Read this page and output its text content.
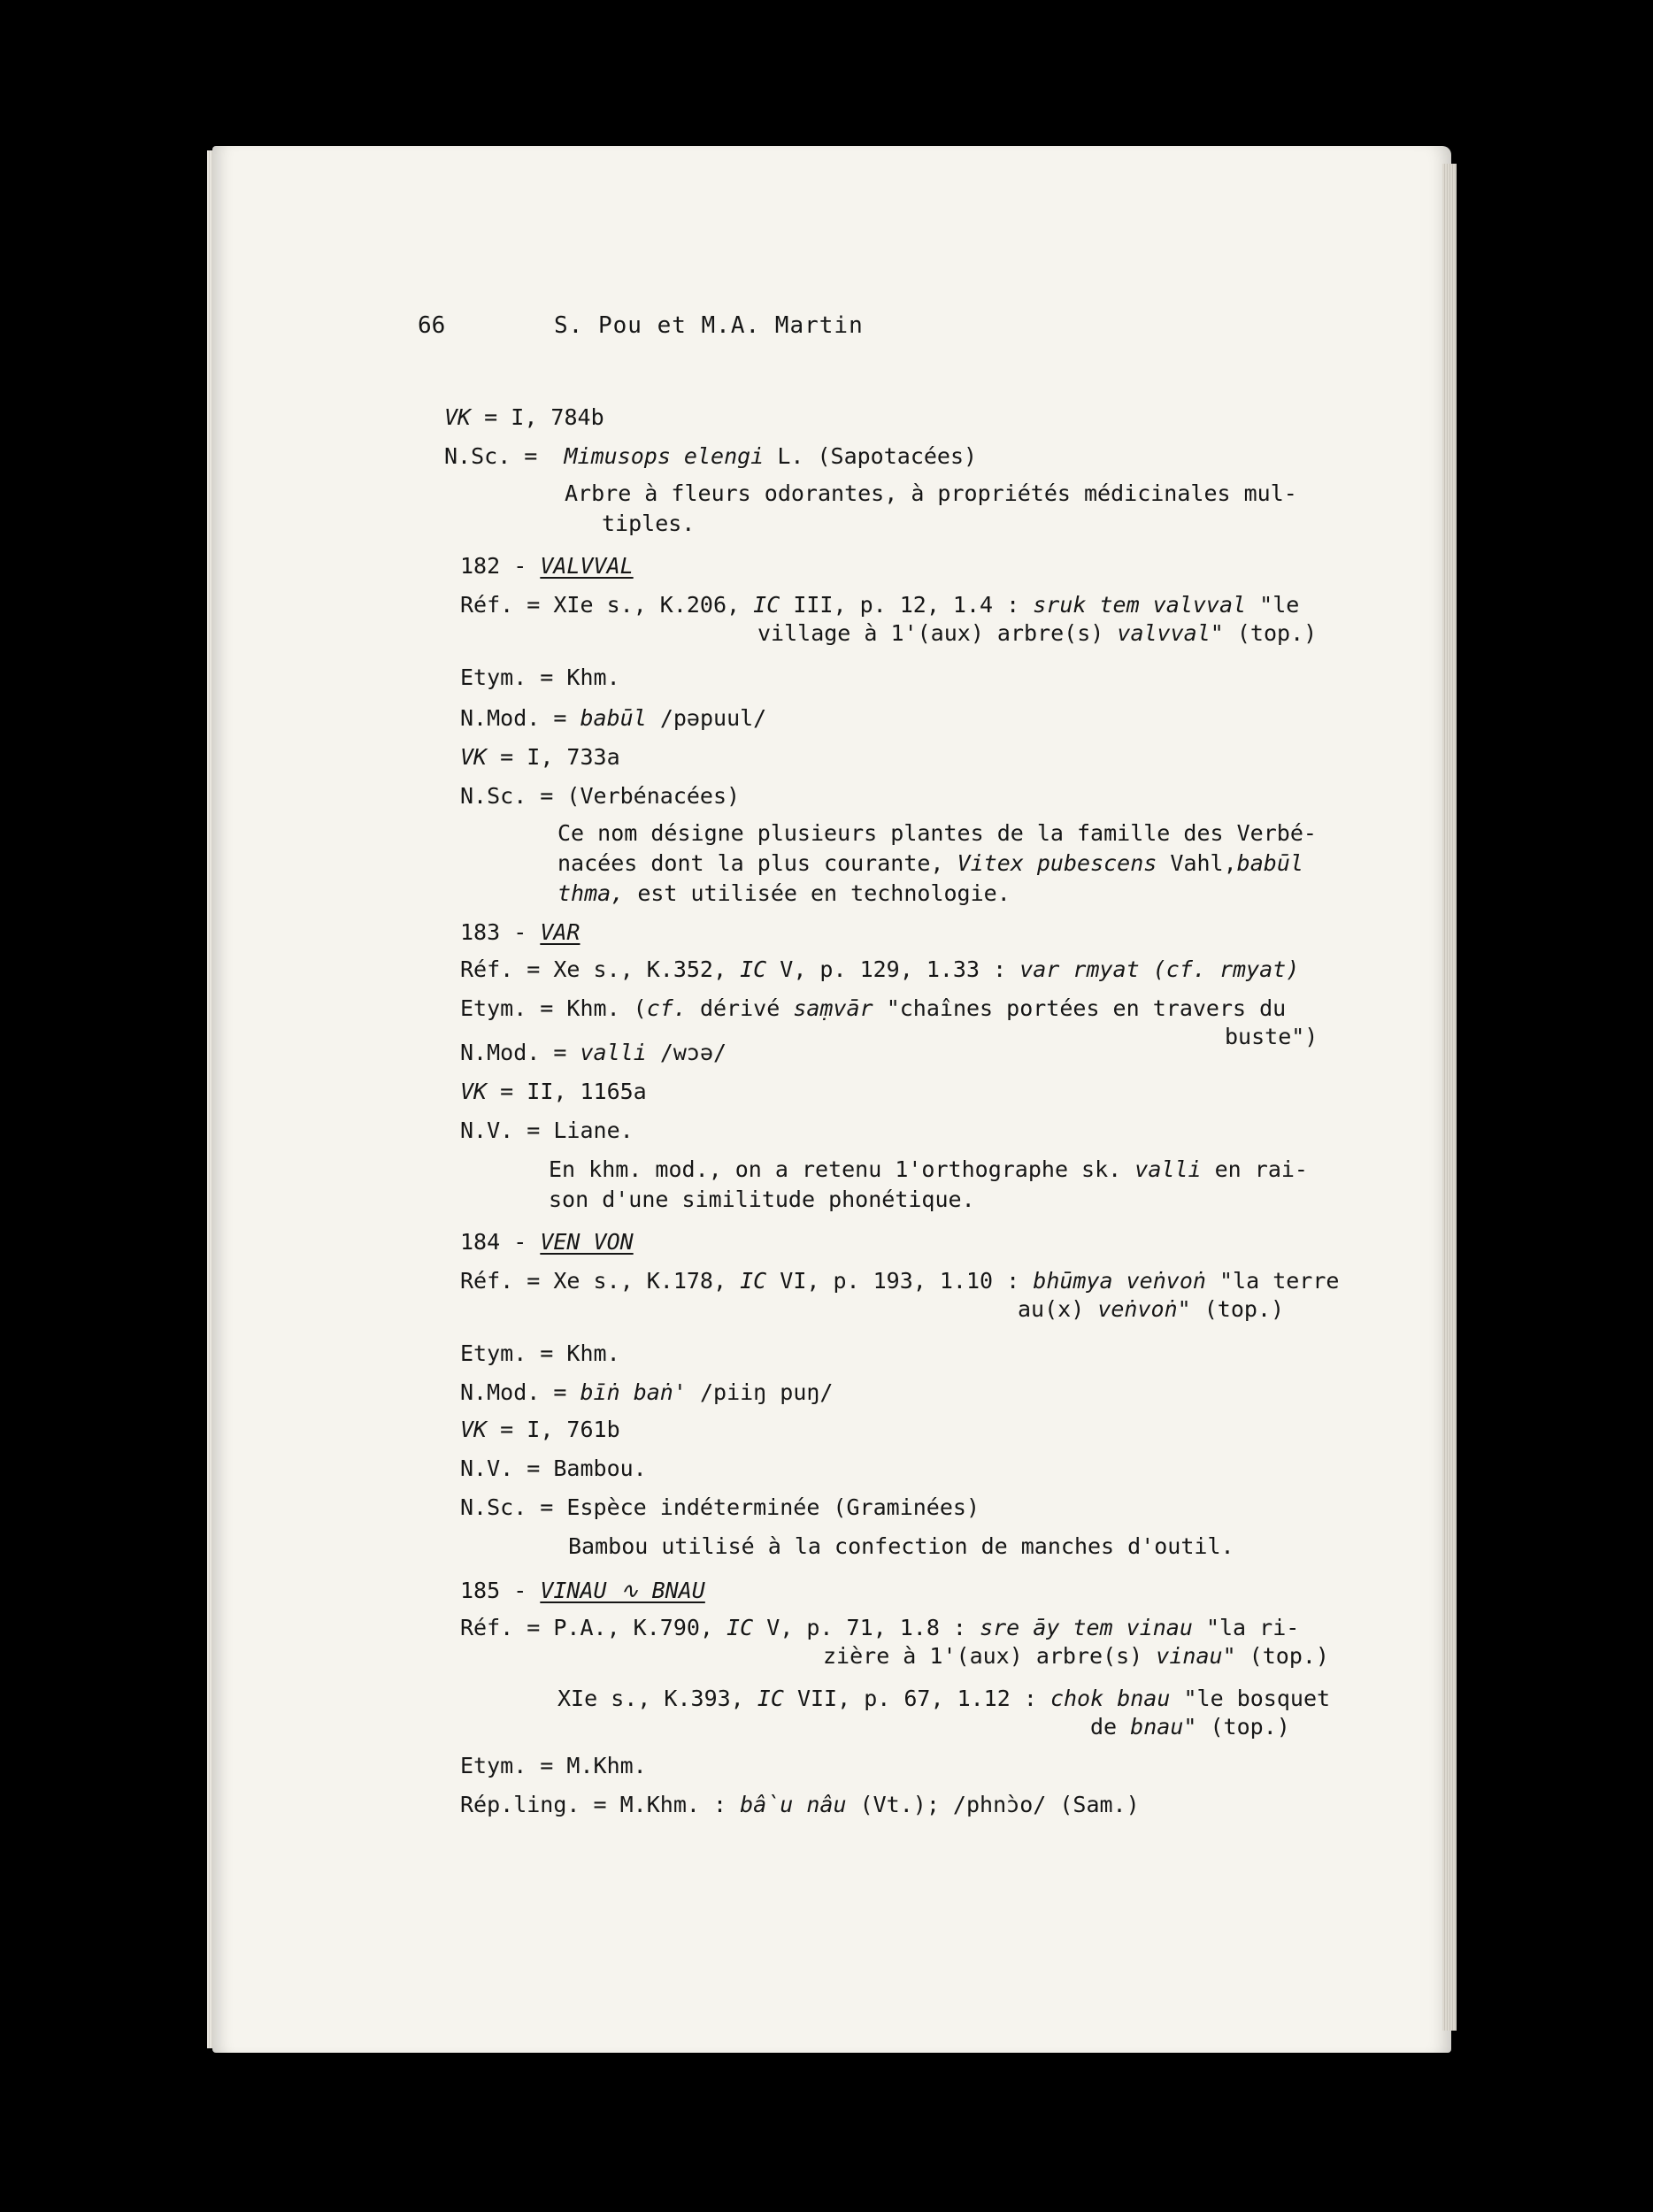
66	S. Pou et M.A. Martin
VK = I, 784b
N.Sc. = Mimusops elengi L. (Sapotacées)
Arbre à fleurs odorantes, à propriétés médicinales mul-
tiples.
182 - VALVVAL
Réf. = XIe s., K.206, IC III, p. 12, 1.4 : sruk tem valvval "le
village à 1'(aux) arbre(s) valvval" (top.)
Etym. = Khm.
N.Mod. = babūl /pəpuul/
VK = I, 733a
N.Sc. = (Verbénacées)
Ce nom désigne plusieurs plantes de la famille des Verbé-
nacées dont la plus courante, Vitex pubescens Vahl,babūl
thma, est utilisée en technologie.
183 - VAR
Réf. = Xe s., K.352, IC V, p. 129, 1.33 : var rmyat (cf. rmyat)
Etym. = Khm. (cf. dérivé saṃvār "chaînes portées en travers du
buste")
N.Mod. = valli /wɔə/
VK = II, 1165a
N.V. = Liane.
En khm. mod., on a retenu 1'orthographe sk. valli en rai-
son d'une similitude phonétique.
184 - VEN VON
Réf. = Xe s., K.178, IC VI, p. 193, 1.10 : bhūmya veṅvoṅ "la terre
au(x) veṅvoṅ" (top.)
Etym. = Khm.
N.Mod. = bīṅ baṅ' /piiŋ puŋ/
VK = I, 761b
N.V. = Bambou.
N.Sc. = Espèce indéterminée (Graminées)
Bambou utilisé à la confection de manches d'outil.
185 - VINAU ∿ BNAU
Réf. = P.A., K.790, IC V, p. 71, 1.8 : sre āy tem vinau "la ri-
zière à 1'(aux) arbre(s) vinau" (top.)
XIe s., K.393, IC VII, p. 67, 1.12 : chok bnau "le bosquet
de bnau" (top.)
Etym. = M.Khm.
Rép.ling. = M.Khm. : bầu nâu (Vt.); /phnɔ̀o/ (Sam.)
